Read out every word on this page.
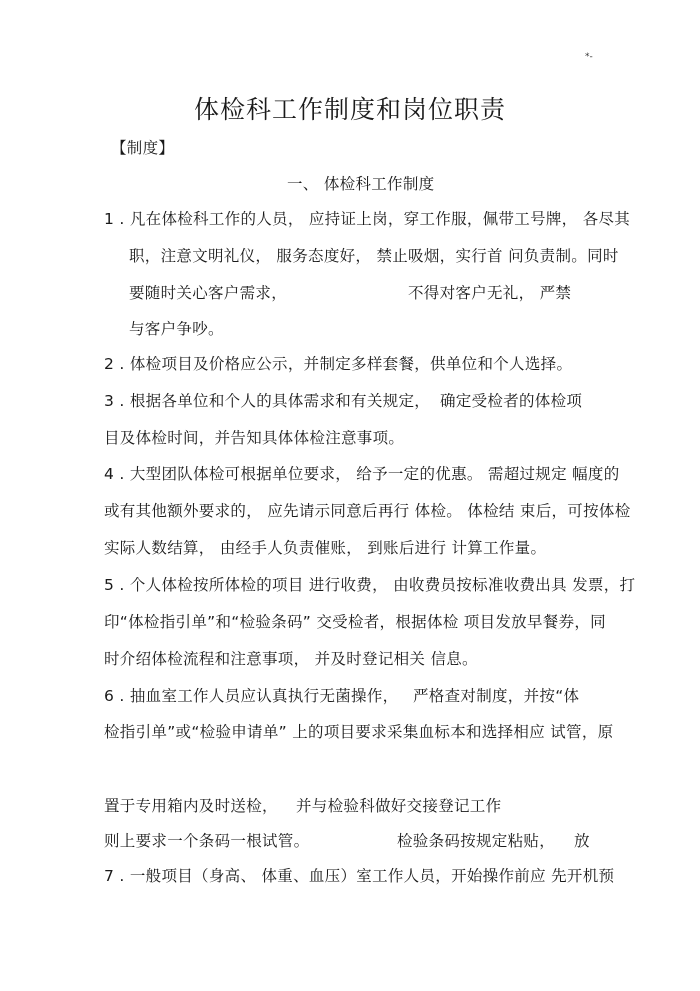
*-
体检科工作制度和岗位职责
【制度】
一、 体检科工作制度
1 . 凡在体检科工作的人员， 应持证上岗，穿工作服，佩带工号牌， 各尽其
职，注意文明礼仪， 服务态度好， 禁止吸烟，实行首 问负责制。同时
要随时关心客户需求，	不得对客户无礼， 严禁
与客户争吵。
2 . 体检项目及价格应公示，并制定多样套餐，供单位和个人选择。
3 . 根据各单位和个人的具体需求和有关规定， 确定受检者的体检项
目及体检时间，并告知具体体检注意事项。
4 . 大型团队体检可根据单位要求， 给予一定的优惠。 需超过规定 幅度的
或有其他额外要求的， 应先请示同意后再行 体检。 体检结 束后，可按体检
实际人数结算， 由经手人负责催账， 到账后进行 计算工作量。
5 . 个人体检按所体检的项目 进行收费， 由收费员按标准收费出具 发票，打
印“体检指引单”和“检验条码” 交受检者，根据体检 项目发放早餐券，同
时介绍体检流程和注意事项， 并及时登记相关 信息。
6 . 抽血室工作人员应认真执行无菌操作， 严格查对制度，并按“体
检指引单”或“检验申请单” 上的项目要求采集血标本和选择相应 试管，原
置于专用箱内及时送检， 并与检验科做好交接登记工作
则上要求一个条码一根试管。	检验条码按规定粘贴， 放
7 . 一般项目（身高、 体重、血压）室工作人员，开始操作前应 先开机预
